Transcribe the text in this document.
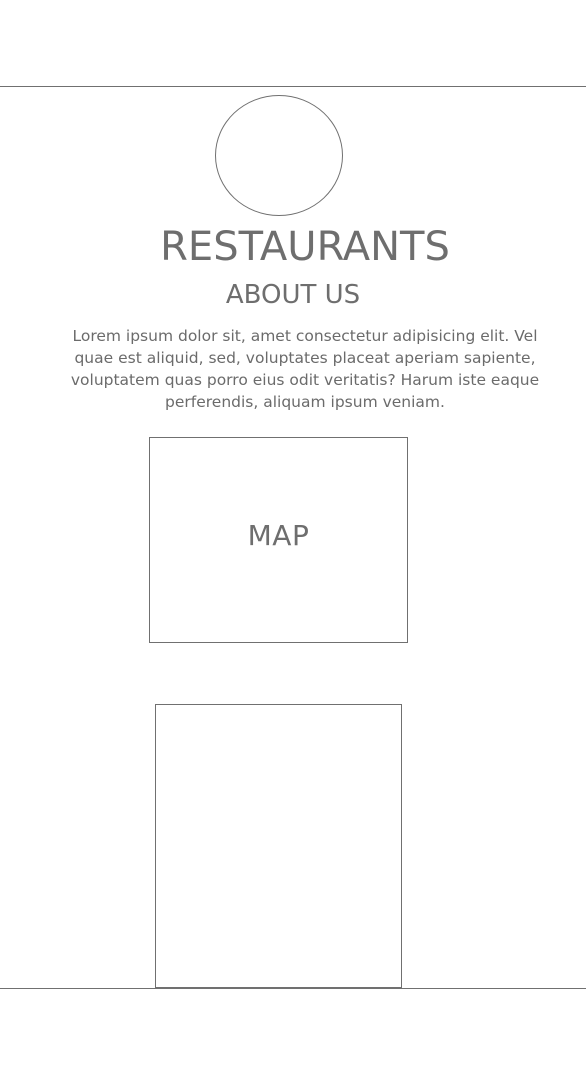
RESTAURANTS
ABOUT US

Lorem ipsum dolor sit, amet consectetur adipisicing elit. Vel quae est aliquid, sed, voluptates placeat aperiam sapiente, voluptatem quas porro eius odit veritatis? Harum iste eaque perferendis, aliquam ipsum veniam.

MAP
